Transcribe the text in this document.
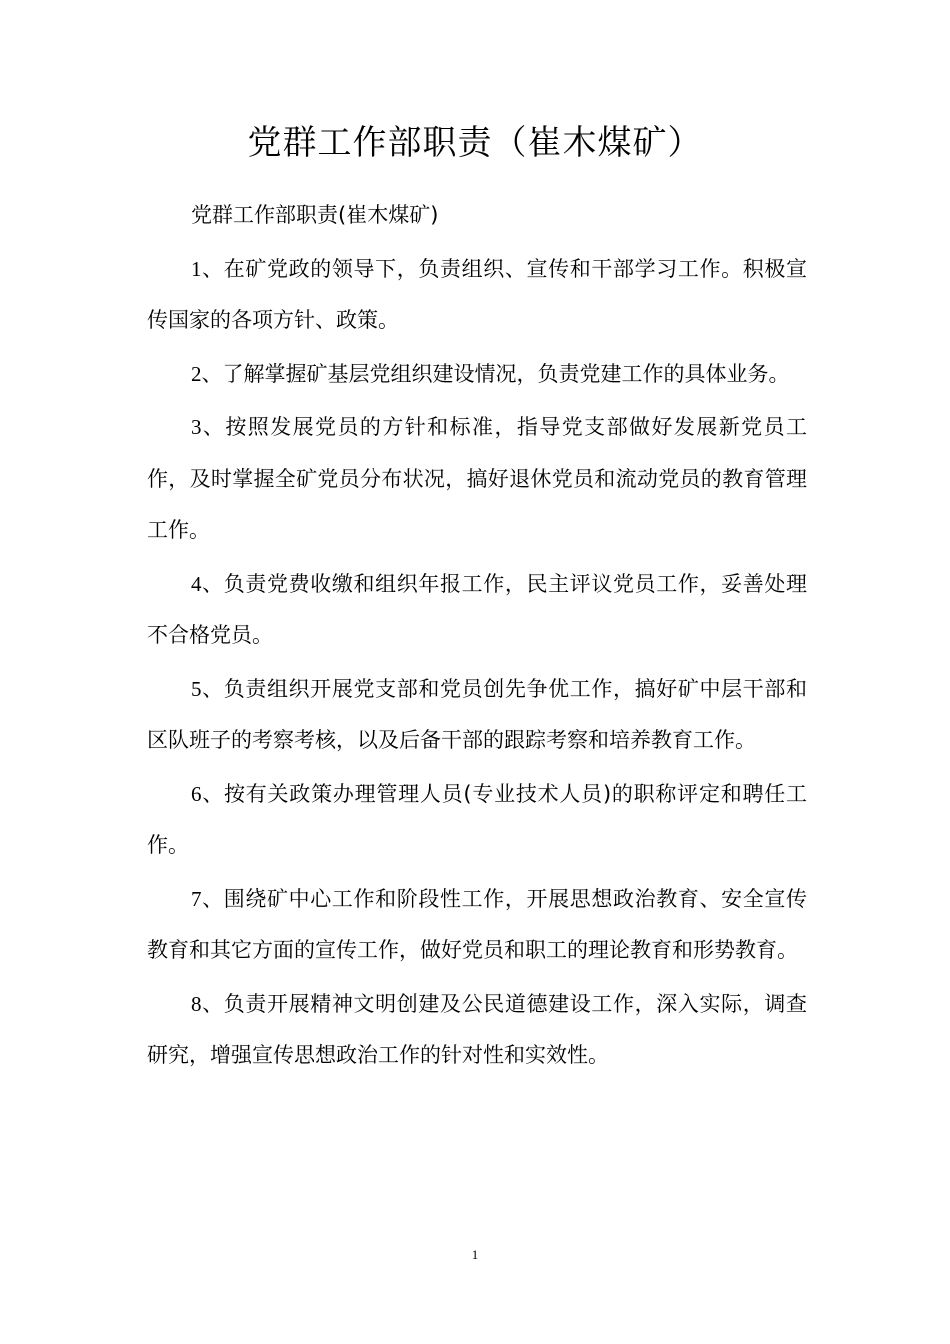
党群工作部职责（崔木煤矿）

党群工作部职责(崔木煤矿)

1、在矿党政的领导下，负责组织、宣传和干部学习工作。积极宣传国家的各项方针、政策。

2、了解掌握矿基层党组织建设情况，负责党建工作的具体业务。

3、按照发展党员的方针和标准，指导党支部做好发展新党员工作，及时掌握全矿党员分布状况，搞好退休党员和流动党员的教育管理工作。

4、负责党费收缴和组织年报工作，民主评议党员工作，妥善处理不合格党员。

5、负责组织开展党支部和党员创先争优工作，搞好矿中层干部和区队班子的考察考核，以及后备干部的跟踪考察和培养教育工作。

6、按有关政策办理管理人员(专业技术人员)的职称评定和聘任工作。

7、围绕矿中心工作和阶段性工作，开展思想政治教育、安全宣传教育和其它方面的宣传工作，做好党员和职工的理论教育和形势教育。

8、负责开展精神文明创建及公民道德建设工作，深入实际，调查研究，增强宣传思想政治工作的针对性和实效性。

1
